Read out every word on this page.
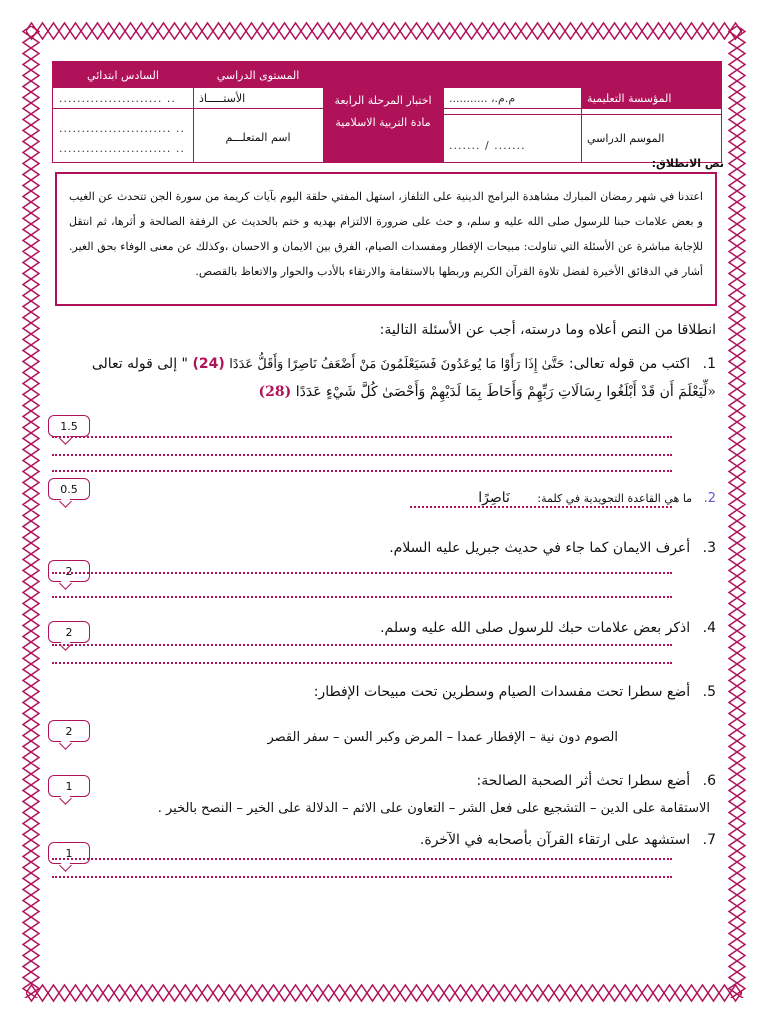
السادس ابتدائي	المستوى الدراسي
اختبار المرحلة الرابعة
مادة التربية الاسلامية
المؤسسة التعليمية
م.م.، ...........
الأستـــــاذ
.. .......................
الموسم الدراسي
....... / .......
اسم المتعلـــم
.. .........................
.. .........................
نص الانطلاق:
اعتدنا في شهر رمضان المبارك مشاهدة البرامج الدينية على التلفاز، استهل المفتي حلقة اليوم بآيات كريمة من سورة الجن تتحدث عن الغيب و بعض علامات حبنا للرسول صلى الله عليه و سلم، و حث على ضرورة الالتزام بهديه و ختم بالحديث عن الرفقة الصالحة و أثرها، ثم انتقل للإجابة مباشرة عن الأسئلة التي تناولت: مبيحات الإفطار ومفسدات الصيام، الفرق بين الايمان و الاحسان ،وكذلك عن معنى الوفاء بحق الغير. أشار في الدقائق الأخيرة لفضل تلاوة القرآن الكريم وربطها بالاستقامة والارتقاء بالأدب والحوار والاتعاظ بالقصص.
انطلاقا من النص أعلاه وما درسته، أجب عن الأسئلة التالية:
1. اكتب من قوله تعالى: حَتَّىٰ إِذَا رَأَوْا مَا يُوعَدُونَ فَسَيَعْلَمُونَ مَنْ أَضْعَفُ نَاصِرًا وَأَقَلُّ عَدَدًا (24) " إلى قوله تعالى
«لِّيَعْلَمَ أَن قَدْ أَبْلَغُوا رِسَالَاتِ رَبِّهِمْ وَأَحَاطَ بِمَا لَدَيْهِمْ وَأَحْصَىٰ كُلَّ شَيْءٍ عَدَدًا (28)
1.5
0.5
2. ما هي القاعدة التجويدية في كلمة: نَاصِرًا
3. أعرف الايمان كما جاء في حديث جبريل عليه السلام.
2
4. اذكر بعض علامات حبك للرسول صلى الله عليه وسلم.
2
5. أضع سطرا تحت مفسدات الصيام وسطرين تحت مبيحات الإفطار:
2	الصوم دون نية – الإفطار عمدا – المرض وكبر السن – سفر القصر
6. أضع سطرا تحث أثر الصحبة الصالحة:
1
الاستقامة على الدين – التشجيع على فعل الشر – التعاون على الاثم – الدلالة على الخير – النصح بالخير .
7. استشهد على ارتقاء القرآن بأصحابه في الآخرة.
1
